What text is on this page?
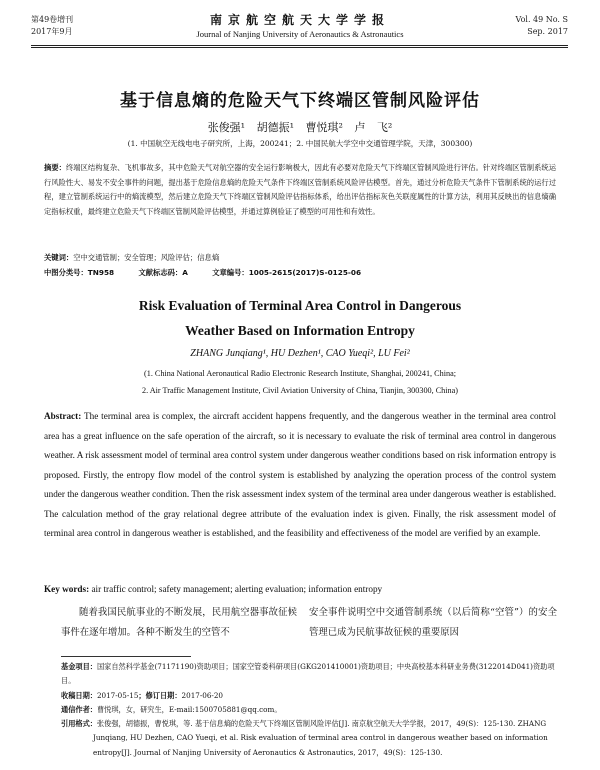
第49卷增刊
2017年9月
南京航空航天大学学报
Journal of Nanjing University of Aeronautics & Astronautics
Vol. 49 No. S
Sep. 2017
基于信息熵的危险天气下终端区管制风险评估
张俊强¹ 胡德振¹ 曹悦琪² 卢 飞²
(1. 中国航空无线电电子研究所，上海，200241；2. 中国民航大学空中交通管理学院，天津，300300)
摘要：终端区结构复杂、飞机事故多，其中危险天气对航空器的安全运行影响极大，因此有必要对危险天气下终端区管制风险进行评估。针对终端区管制系统运行风险性大、易发不安全事件的问题，提出基于危险信息熵的危险天气条件下终端区管制系统风险评估模型。首先，通过分析危险天气条件下管制系统的运行过程，建立管制系统运行中的熵流模型，然后建立危险天气下终端区管制风险评估指标体系，给出评估指标灰色关联度属性的计算方法，利用其反映出的信息熵确定指标权重，最终建立危险天气下终端区管制风险评估模型，并通过算例验证了模型的可用性和有效性。
关键词：空中交通管制；安全管理；风险评估；信息熵
中图分类号：TN958	文献标志码：A	文章编号：1005-2615(2017)S-0125-06
Risk Evaluation of Terminal Area Control in Dangerous
Weather Based on Information Entropy
ZHANG Junqiang¹, HU Dezhen¹, CAO Yueqi², LU Fei²
(1. China National Aeronautical Radio Electronic Research Institute, Shanghai, 200241, China;
2. Air Traffic Management Institute, Civil Aviation University of China, Tianjin, 300300, China)
Abstract: The terminal area is complex, the aircraft accident happens frequently, and the dangerous weather in the terminal area control area has a great influence on the safe operation of the aircraft, so it is necessary to evaluate the risk of terminal area control in dangerous weather. A risk assessment model of terminal area control system under dangerous weather conditions based on risk information entropy is proposed. Firstly, the entropy flow model of the control system is established by analyzing the operation process of the control system under the dangerous weather condition. Then the risk assessment index system of the terminal area under dangerous weather is established. The calculation method of the gray relational degree attribute of the evaluation index is given. Finally, the risk assessment model of terminal area control in dangerous weather is established, and the feasibility and effectiveness of the model are verified by an example.
Key words: air traffic control; safety management; alerting evaluation; information entropy
随着我国民航事业的不断发展，民用航空器事故征候事件在逐年增加。各种不断发生的空管不
安全事件说明空中交通管制系统（以后简称“空管”）的安全管理已成为民航事故征候的重要原因
基金项目：国家自然科学基金(71171190)资助项目；国家空管委科研项目(GKG201410001)资助项目；中央高校基本科研业务费(3122014D041)资助项目。
收稿日期：2017-05-15；修订日期：2017-06-20
通信作者：曹悦琪，女，研究生，E-mail:1500705881@qq.com。
引用格式：张俊强，胡德振，曹悦琪，等. 基于信息熵的危险天气下终端区管制风险评估[J]. 南京航空航天大学学报，2017，49(S)：125-130. ZHANG Junqiang, HU Dezhen, CAO Yueqi, et al. Risk evaluation of terminal area control in dangerous weather based on information entropy[J]. Journal of Nanjing University of Aeronautics & Astronautics, 2017，49(S)：125-130.
